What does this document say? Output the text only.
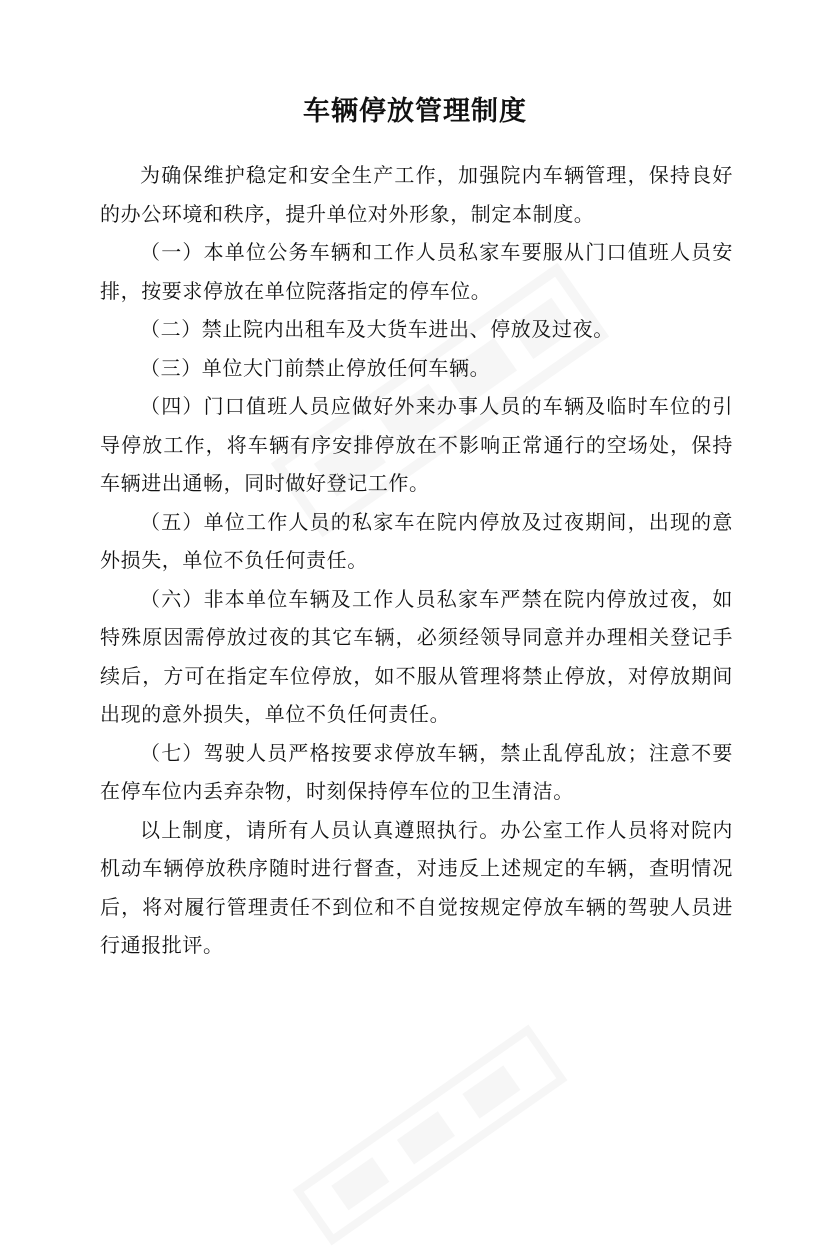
车辆停放管理制度

为确保维护稳定和安全生产工作，加强院内车辆管理，保持良好的办公环境和秩序，提升单位对外形象，制定本制度。

（一）本单位公务车辆和工作人员私家车要服从门口值班人员安排，按要求停放在单位院落指定的停车位。

（二）禁止院内出租车及大货车进出、停放及过夜。

（三）单位大门前禁止停放任何车辆。

（四）门口值班人员应做好外来办事人员的车辆及临时车位的引导停放工作，将车辆有序安排停放在不影响正常通行的空场处，保持车辆进出通畅，同时做好登记工作。

（五）单位工作人员的私家车在院内停放及过夜期间，出现的意外损失，单位不负任何责任。

（六）非本单位车辆及工作人员私家车严禁在院内停放过夜，如特殊原因需停放过夜的其它车辆，必须经领导同意并办理相关登记手续后，方可在指定车位停放，如不服从管理将禁止停放，对停放期间出现的意外损失，单位不负任何责任。

（七）驾驶人员严格按要求停放车辆，禁止乱停乱放；注意不要在停车位内丢弃杂物，时刻保持停车位的卫生清洁。

以上制度，请所有人员认真遵照执行。办公室工作人员将对院内机动车辆停放秩序随时进行督查，对违反上述规定的车辆，查明情况后，将对履行管理责任不到位和不自觉按规定停放车辆的驾驶人员进行通报批评。
